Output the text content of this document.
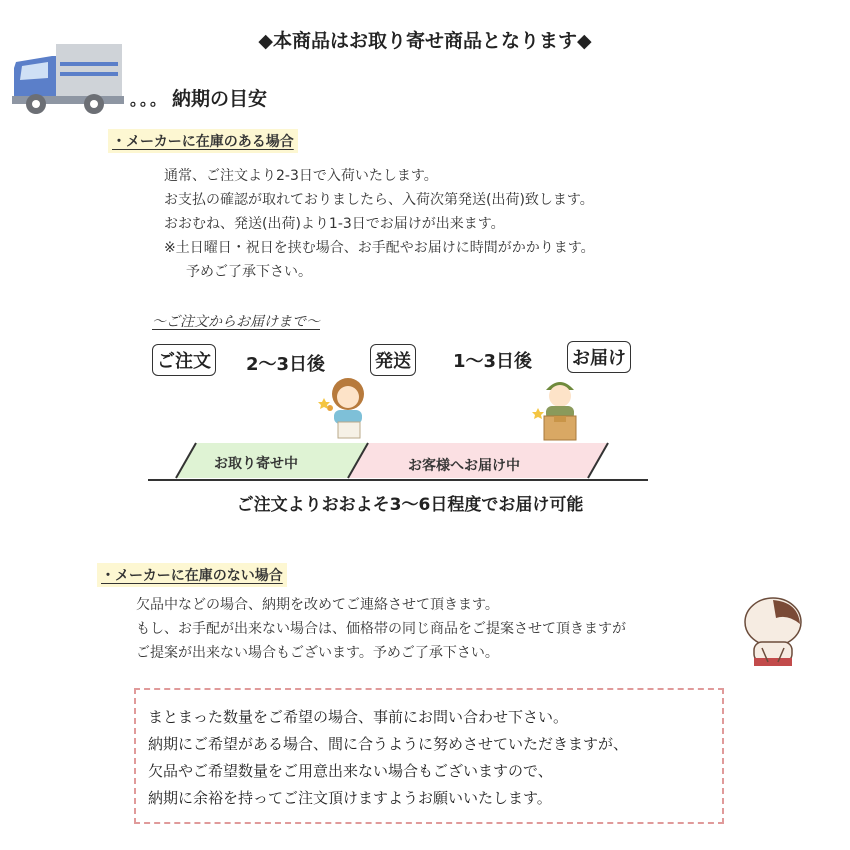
◆本商品はお取り寄せ商品となります◆
。。。 納期の目安
・メーカーに在庫のある場合
通常、ご注文より2-3日で入荷いたします。
お支払の確認が取れておりましたら、入荷次第発送(出荷)致します。
おおむね、発送(出荷)より1-3日でお届けが出来ます。
※土日曜日・祝日を挟む場合、お手配やお届けに時間がかかります。
予めご了承下さい。
～ご注文からお届けまで～
ご注文 2～3日後	発送 1～3日後 お届け
お取り寄せ中	お客様へお届け中
ご注文よりおおよそ3～6日程度でお届け可能
・メーカーに在庫のない場合
欠品中などの場合、納期を改めてご連絡させて頂きます。
もし、お手配が出来ない場合は、価格帯の同じ商品をご提案させて頂きますが
ご提案が出来ない場合もございます。予めご了承下さい。
まとまった数量をご希望の場合、事前にお問い合わせ下さい。
納期にご希望がある場合、間に合うように努めさせていただきますが、
欠品やご希望数量をご用意出来ない場合もございますので、
納期に余裕を持ってご注文頂けますようお願いいたします。
